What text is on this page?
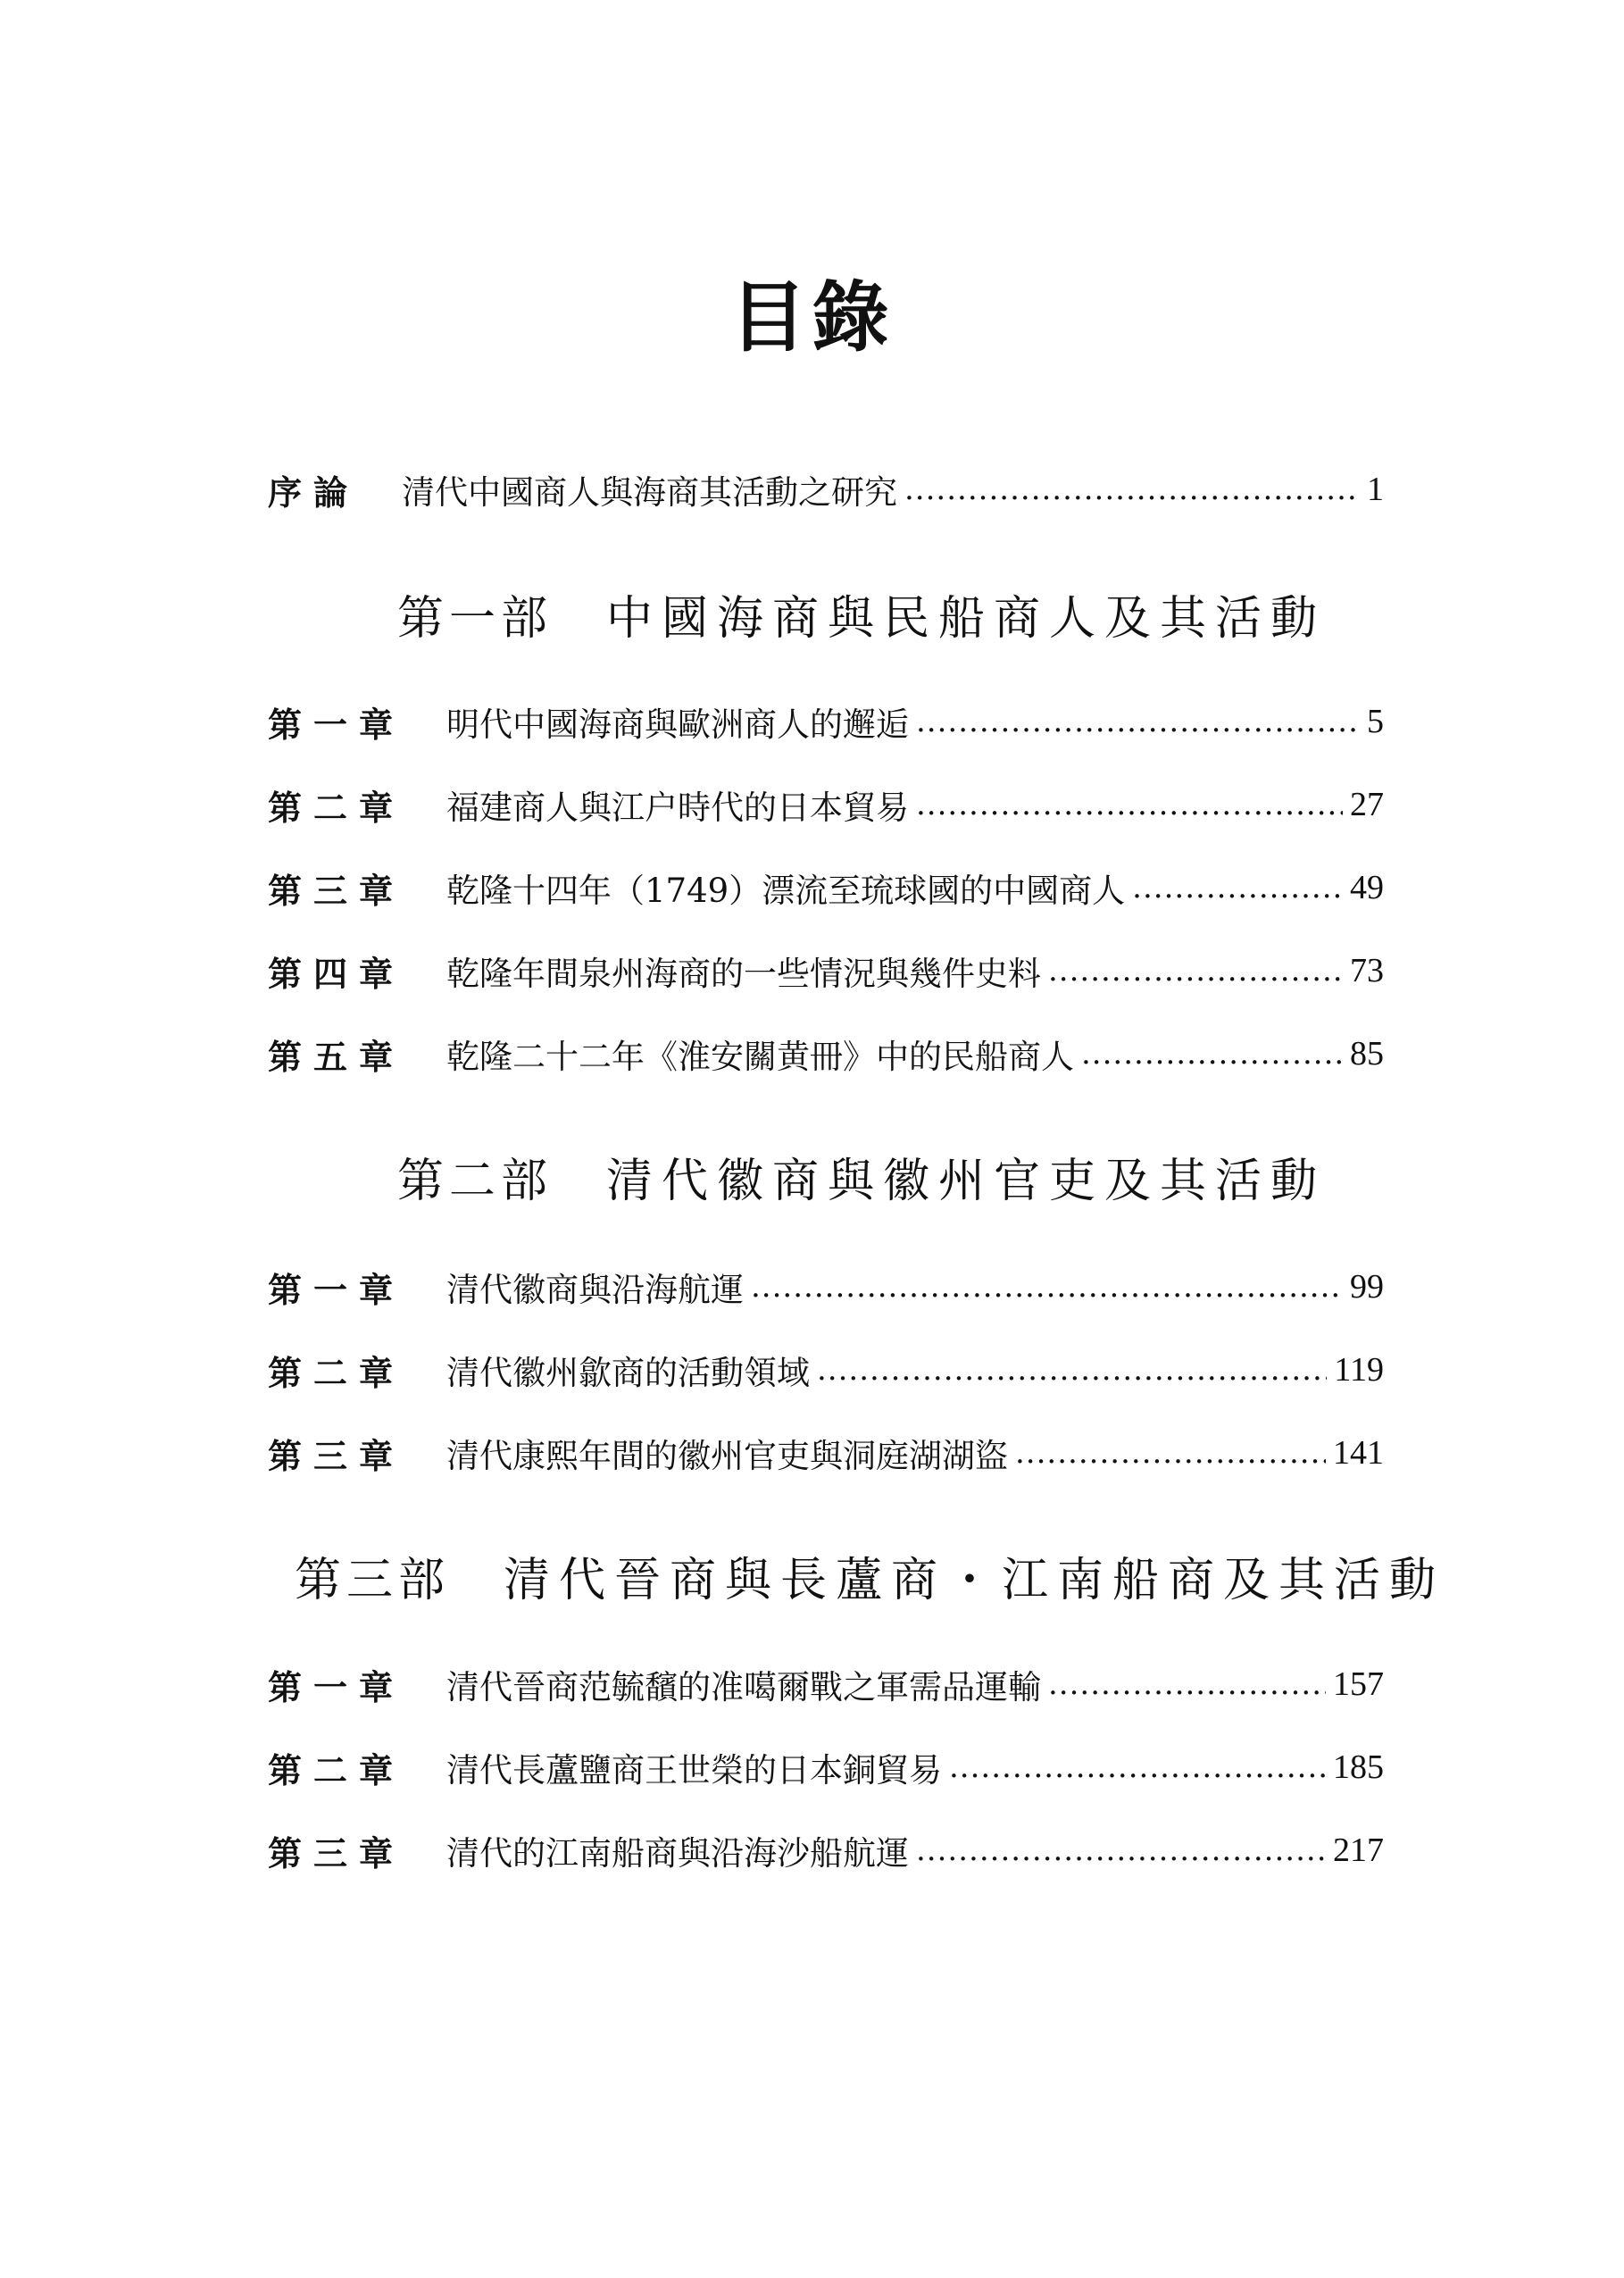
目錄
序論	清代中國商人與海商其活動之研究 .....	1
第一部 中國海商與民船商人及其活動
第一章	明代中國海商與歐洲商人的邂逅 .....	5
第二章	福建商人與江户時代的日本貿易 .....	27
第三章	乾隆十四年（1749）漂流至琉球國的中國商人 .....	49
第四章	乾隆年間泉州海商的一些情況與幾件史料 .....	73
第五章	乾隆二十二年《淮安關黄冊》中的民船商人 .....	85
第二部 清代徽商與徽州官吏及其活動
第一章	清代徽商與沿海航運 .....	99
第二章	清代徽州歙商的活動領域 .....	119
第三章	清代康熙年間的徽州官吏與洞庭湖湖盜 .....	141
第三部 清代晉商與長蘆商・江南船商及其活動
第一章	清代晉商范毓馪的准噶爾戰之軍需品運輸 .....	157
第二章	清代長蘆鹽商王世榮的日本銅貿易 .....	185
第三章	清代的江南船商與沿海沙船航運 .....	217
